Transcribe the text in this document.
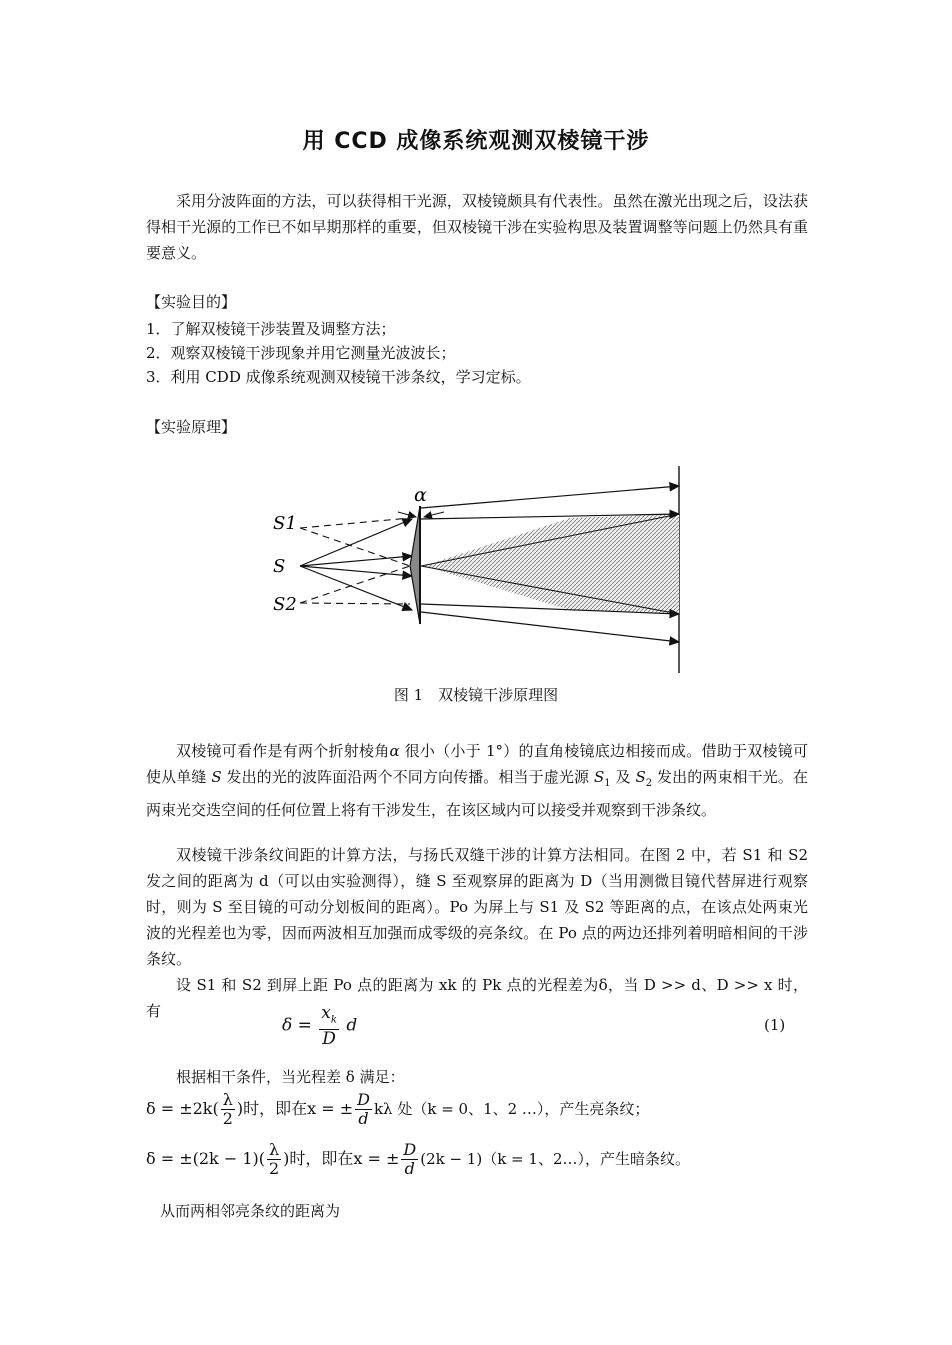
用 CCD 成像系统观测双棱镜干涉
采用分波阵面的方法，可以获得相干光源，双棱镜颇具有代表性。虽然在激光出现之后，设法获得相干光源的工作已不如早期那样的重要，但双棱镜干涉在实验构思及装置调整等问题上仍然具有重要意义。
【实验目的】
1．了解双棱镜干涉装置及调整方法；
2．观察双棱镜干涉现象并用它测量光波波长；
3．利用 CDD 成像系统观测双棱镜干涉条纹，学习定标。
【实验原理】
α
S1
S
S2
图 1　双棱镜干涉原理图
双棱镜可看作是有两个折射棱角α 很小（小于 1°）的直角棱镜底边相接而成。借助于双棱镜可使从单缝 S 发出的光的波阵面沿两个不同方向传播。相当于虚光源 $S_1$ 及 $S_2$ 发出的两束相干光。在两束光交迭空间的任何位置上将有干涉发生，在该区域内可以接受并观察到干涉条纹。
双棱镜干涉条纹间距的计算方法，与扬氏双缝干涉的计算方法相同。在图 2 中，若 S1 和 S2 发之间的距离为 d（可以由实验测得），缝 S 至观察屏的距离为 D（当用测微目镜代替屏进行观察时，则为 S 至目镜的可动分划板间的距离）。Po 为屏上与 S1 及 S2 等距离的点，在该点处两束光波的光程差也为零，因而两波相互加强而成零级的亮条纹。在 Po 点的两边还排列着明暗相间的干涉条纹。
设 S1 和 S2 到屏上距 Po 点的距离为 xk 的 Pk 点的光程差为δ，当 D >> d、D >> x 时，有
$\delta = \frac{x_k}{D}$ d	(1)
根据相干条件，当光程差 δ 满足：
$\delta = \pm 2k( \frac{\lambda}{2}$ )时，即在x = ± $\frac{D}{d}$ kλ 处（k = 0、1、2 …），产生亮条纹；
$\delta = \pm(2k - 1)( \frac{\lambda}{2}$ )时，即在x = ± $\frac{D}{d} (2k - 1)(k = 1$、2…），产生暗条纹。
从而两相邻亮条纹的距离为
